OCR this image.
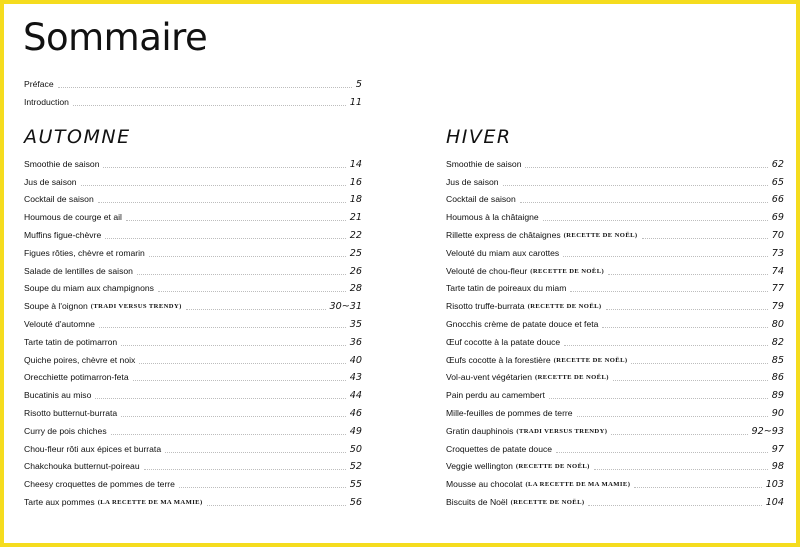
Sommaire
Préface	5
Introduction	11
AUTOMNE
Smoothie de saison	14
Jus de saison	16
Cocktail de saison	18
Houmous de courge et ail	21
Muffins figue-chèvre	22
Figues rôties, chèvre et romarin	25
Salade de lentilles de saison	26
Soupe du miam aux champignons	28
Soupe à l'oignon (TRADI VERSUS TRENDY)	30~31
Velouté d'automne	35
Tarte tatin de potimarron	36
Quiche poires, chèvre et noix	40
Orecchiette potimarron-feta	43
Bucatinis au miso	44
Risotto butternut-burrata	46
Curry de pois chiches	49
Chou-fleur rôti aux épices et burrata	50
Chakchouka butternut-poireau	52
Cheesy croquettes de pommes de terre	55
Tarte aux pommes (LA RECETTE DE MA MAMIE)	56
HIVER
Smoothie de saison	62
Jus de saison	65
Cocktail de saison	66
Houmous à la châtaigne	69
Rillette express de châtaignes (RECETTE DE NOËL)	70
Velouté du miam aux carottes	73
Velouté de chou-fleur (RECETTE DE NOËL)	74
Tarte tatin de poireaux du miam	77
Risotto truffe-burrata (RECETTE DE NOËL)	79
Gnocchis crème de patate douce et feta	80
Œuf cocotte à la patate douce	82
Œufs cocotte à la forestière (RECETTE DE NOËL)	85
Vol-au-vent végétarien (RECETTE DE NOËL)	86
Pain perdu au camembert	89
Mille-feuilles de pommes de terre	90
Gratin dauphinois (TRADI VERSUS TRENDY)	92~93
Croquettes de patate douce	97
Veggie wellington (RECETTE DE NOËL)	98
Mousse au chocolat (LA RECETTE DE MA MAMIE)	103
Biscuits de Noël (RECETTE DE NOËL)	104
